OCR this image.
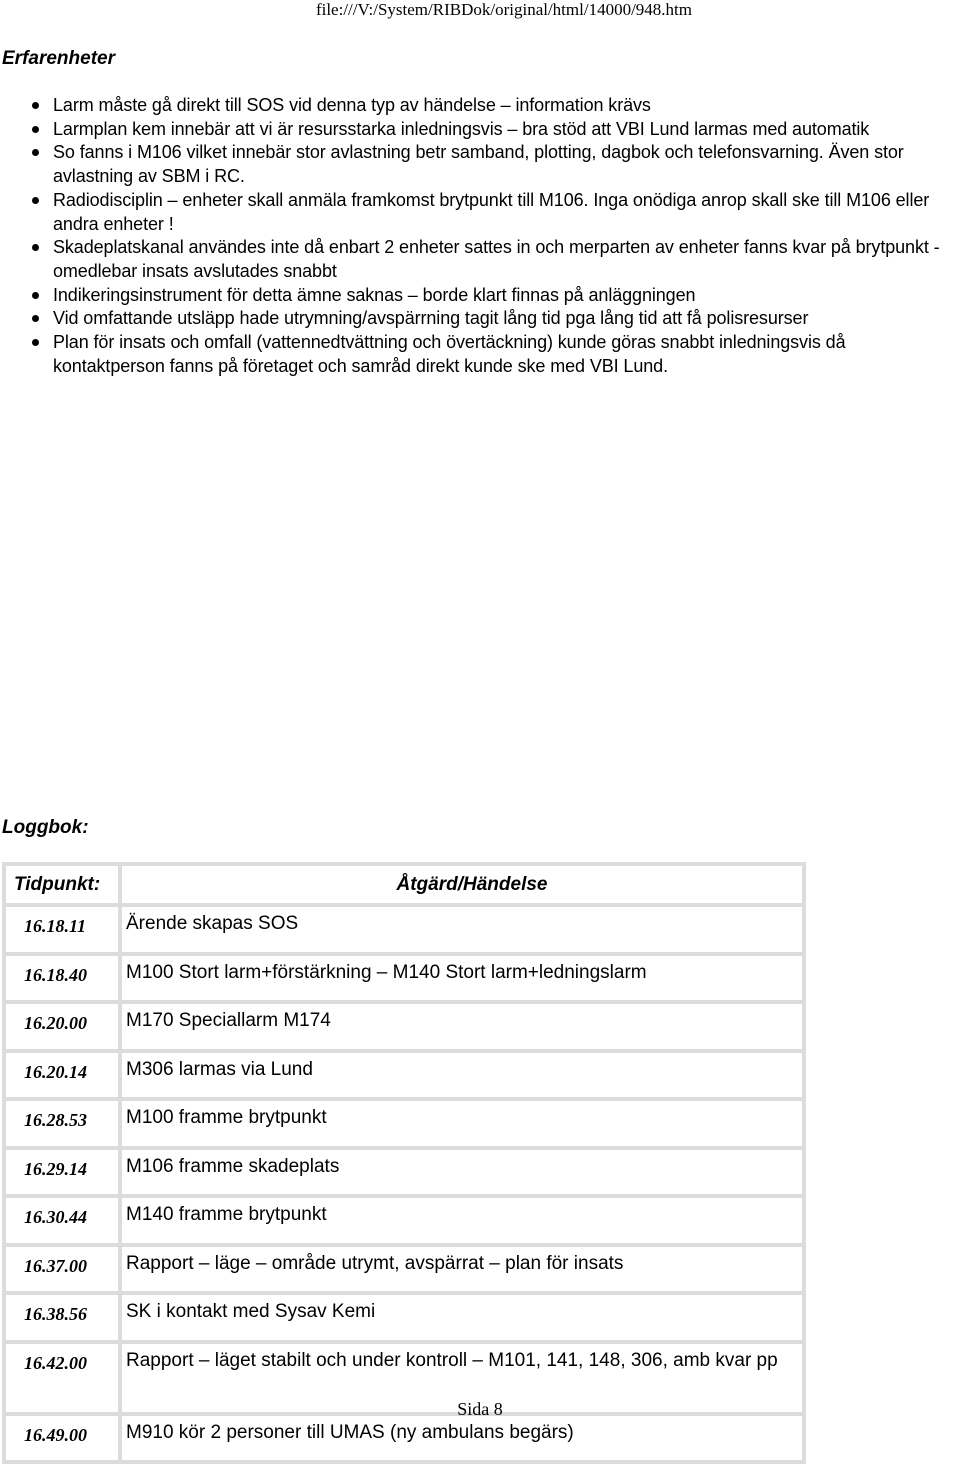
file:///V:/System/RIBDok/original/html/14000/948.htm
Erfarenheter
Larm måste gå direkt till SOS vid denna typ av händelse – information krävs
Larmplan kem innebär att vi är resursstarka inledningsvis – bra stöd att VBI Lund larmas med automatik
So fanns i M106 vilket innebär stor avlastning betr samband, plotting, dagbok och telefonsvarning. Även stor avlastning av SBM i RC.
Radiodisciplin – enheter skall anmäla framkomst brytpunkt till M106. Inga onödiga anrop skall ske till M106 eller andra enheter !
Skadeplatskanal användes inte då enbart 2 enheter sattes in och merparten av enheter fanns kvar på brytpunkt - omedlebar insats avslutades snabbt
Indikeringsinstrument för detta ämne saknas – borde klart finnas på anläggningen
Vid omfattande utsläpp hade utrymning/avspärrning tagit lång tid pga lång tid att få polisresurser
Plan för insats och omfall (vattennedtvättning och övertäckning) kunde göras snabbt inledningsvis då kontaktperson fanns på företaget och samråd direkt kunde ske med VBI Lund.
Loggbok:
Tidpunkt:	Åtgärd/Händelse
16.18.11	Ärende skapas SOS
16.18.40	M100 Stort larm+förstärkning – M140 Stort larm+ledningslarm
16.20.00	M170 Speciallarm M174
16.20.14	M306 larmas via Lund
16.28.53	M100 framme brytpunkt
16.29.14	M106 framme skadeplats
16.30.44	M140 framme brytpunkt
16.37.00	Rapport – läge – område utrymt, avspärrat – plan för insats
16.38.56	SK i kontakt med Sysav Kemi
16.42.00	Rapport – läget stabilt och under kontroll – M101, 141, 148, 306, amb kvar pp
16.49.00	M910 kör 2 personer till UMAS (ny ambulans begärs)
Sida 8
